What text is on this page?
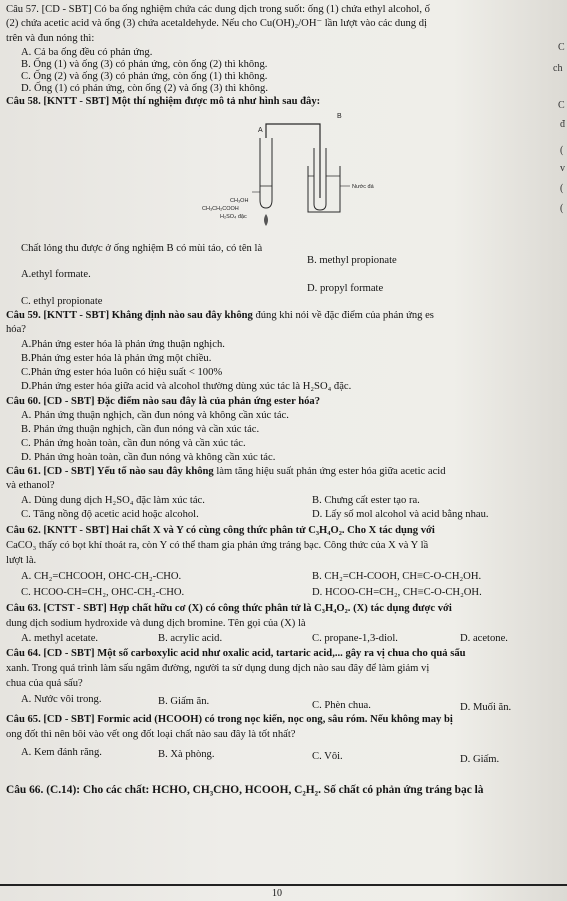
Câu 57. [CD - SBT] Có ba ống nghiệm chứa các dung dịch trong suốt: ống (1) chứa ethyl alcohol, ố
(2) chứa acetic acid và ống (3) chứa acetaldehyde. Nếu cho Cu(OH)₂/OH⁻ lần lượt vào các dung dị
trên và đun nóng thì:
A. Cả ba ống đều có phản ứng.
B. Ống (1) và ống (3) có phản ứng, còn ống (2) thì không.
C. Ống (2) và ống (3) có phản ứng, còn ống (1) thì không.
D. Ống (1) có phản ứng, còn ống (2) và ống (3) thì không.
Câu 58. [KNTT - SBT] Một thí nghiệm được mô tả như hình sau đây:
A
B
CH₃OH
CH₃CH₂COOH
H₂SO₄ đặc
Nước đá
Chất lỏng thu được ở ống nghiệm B có mùi táo, có tên là
B. methyl propionate
A.ethyl formate.
D. propyl formate
C. ethyl propionate
Câu 59. [KNTT - SBT] Khẳng định nào sau đây không đúng khi nói về đặc điểm của phản ứng es
hóa?
A.Phản ứng ester hóa là phản ứng thuận nghịch.
B.Phản ứng ester hóa là phản ứng một chiều.
C.Phản ứng ester hóa luôn có hiệu suất < 100%
D.Phản ứng ester hóa giữa acid và alcohol thường dùng xúc tác là H₂SO₄ đặc.
Câu 60. [CD - SBT] Đặc điểm nào sau đây là của phản ứng ester hóa?
A. Phản ứng thuận nghịch, cần đun nóng và không cần xúc tác.
B. Phản ứng thuận nghịch, cần đun nóng và cần xúc tác.
C. Phản ứng hoàn toàn, cần đun nóng và cần xúc tác.
D. Phản ứng hoàn toàn, cần đun nóng và không cần xúc tác.
Câu 61. [CD - SBT] Yếu tố nào sau đây không làm tăng hiệu suất phản ứng ester hóa giữa acetic acid
và ethanol?
A. Dùng dung dịch H₂SO₄ đặc làm xúc tác.	B. Chưng cất ester tạo ra.
C. Tăng nồng độ acetic acid hoặc alcohol.	D. Lấy số mol alcohol và acid bằng nhau.
Câu 62. [KNTT - SBT] Hai chất X và Y có cùng công thức phân tử C₃H₄O₂. Cho X tác dụng với
CaCO₃ thấy có bọt khí thoát ra, còn Y có thể tham gia phản ứng tráng bạc. Công thức của X và Y lầ
lượt là.
A. CH₂=CHCOOH, OHC-CH₂-CHO.	B. CH₂=CH-COOH, CH≡C-O-CH₂OH.
C. HCOO-CH=CH₂, OHC-CH₂-CHO.	D. HCOO-CH=CH₂, CH≡C-O-CH₂OH.
Câu 63. [CTST - SBT] Hợp chất hữu cơ (X) có công thức phân tử là C₃H₄O₂. (X) tác dụng được với
dung dịch sodium hydroxide và dung dịch bromine. Tên gọi của (X) là
A. methyl acetate.	B. acrylic acid.	C. propane-1,3-diol.	D. acetone.
Câu 64. [CD - SBT] Một số carboxylic acid như oxalic acid, tartaric acid,... gây ra vị chua cho quả sấu
xanh. Trong quá trình làm sấu ngâm đường, người ta sử dụng dung dịch nào sau đây để làm giảm vị
chua của quả sấu?
A. Nước vôi trong.	B. Giấm ăn.	C. Phèn chua.	D. Muối ăn.
Câu 65. [CD - SBT] Formic acid (HCOOH) có trong nọc kiến, nọc ong, sâu róm. Nếu không may bị
ong đốt thì nên bôi vào vết ong đốt loại chất nào sau đây là tốt nhất?
A. Kem đánh răng.	B. Xà phòng.	C. Vôi.	D. Giấm.
Câu 66. (C.14): Cho các chất: HCHO, CH₃CHO, HCOOH, C₂H₂. Số chất có phản ứng tráng bạc là
C
ch
C
đ
(
v
(
(
10
